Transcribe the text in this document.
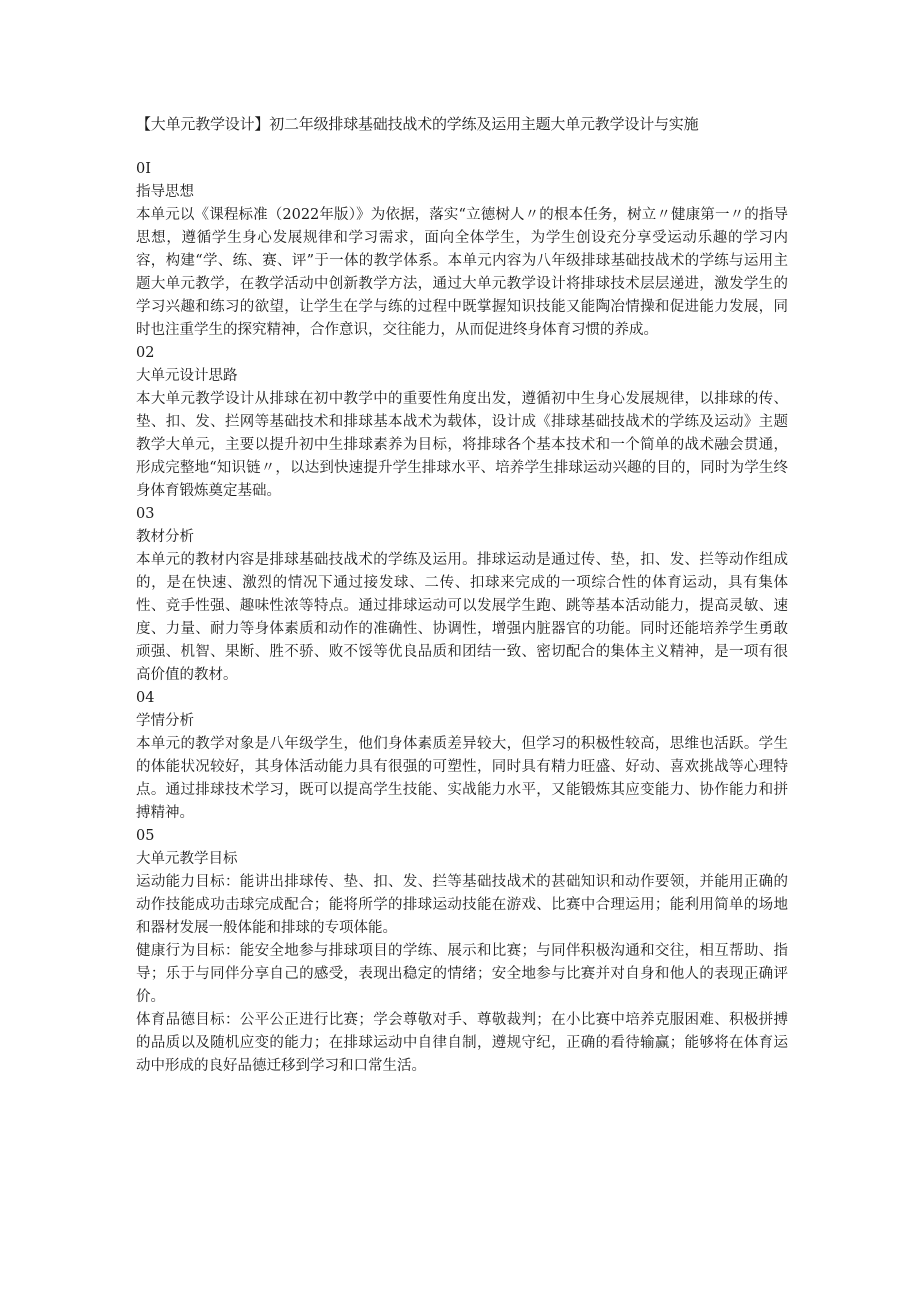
【大单元教学设计】初二年级排球基础技战术的学练及运用主题大单元教学设计与实施
0I
指导思想

本单元以《课程标准（2022年版）》为依据，落实“立德树人〃的根本任务，树立〃健康第一〃的指导思想，遵循学生身心发展规律和学习需求，面向全体学生，为学生创设充分享受运动乐趣的学习内容，构建“学、练、赛、评”于一体的教学体系。本单元内容为八年级排球基础技战术的学练与运用主题大单元教学，在教学活动中创新教学方法，通过大单元教学设计将排球技术层层递进，激发学生的学习兴趣和练习的欲望，让学生在学与练的过程中既掌握知识技能又能陶冶情操和促进能力发展，同时也注重学生的探究精神，合作意识，交往能力，从而促进终身体育习惯的养成。

02
大单元设计思路

本大单元教学设计从排球在初中教学中的重要性角度出发，遵循初中生身心发展规律，以排球的传、垫、扣、发、拦网等基础技术和排球基本战术为载体，设计成《排球基础技战术的学练及运动》主题教学大单元，主要以提升初中生排球素养为目标，将排球各个基本技术和一个简单的战术融会贯通，形成完整地“知识链〃，以达到快速提升学生排球水平、培养学生排球运动兴趣的目的，同时为学生终身体育锻炼奠定基础。

03
教材分析

本单元的教材内容是排球基础技战术的学练及运用。排球运动是通过传、垫，扣、发、拦等动作组成的，是在快速、激烈的情况下通过接发球、二传、扣球来完成的一项综合性的体育运动，具有集体性、竞手性强、趣味性浓等特点。通过排球运动可以发展学生跑、跳等基本活动能力，提高灵敏、速度、力量、耐力等身体素质和动作的准确性、协调性，增强内脏器官的功能。同时还能培养学生勇敢顽强、机智、果断、胜不骄、败不馁等优良品质和团结一致、密切配合的集体主义精神，是一项有很高价值的教材。

04
学情分析

本单元的教学对象是八年级学生，他们身体素质差异较大，但学习的积极性较高，思维也活跃。学生的体能状况较好，其身体活动能力具有很强的可塑性，同时具有精力旺盛、好动、喜欢挑战等心理特点。通过排球技术学习，既可以提高学生技能、实战能力水平，又能锻炼其应变能力、协作能力和拼搏精神。

05
大单元教学目标

运动能力目标：能讲出排球传、垫、扣、发、拦等基础技战术的甚础知识和动作要领，并能用正确的动作技能成功击球完成配合；能将所学的排球运动技能在游戏、比赛中合理运用；能利用简单的场地和器材发展一般体能和排球的专项体能。

健康行为目标：能安全地参与排球项目的学练、展示和比赛；与同伴积极沟通和交往，相互帮助、指导；乐于与同伴分享自己的感受，表现出稳定的情绪；安全地参与比赛并对自身和他人的表现正确评价。

体育品德目标：公平公正进行比赛；学会尊敬对手、尊敬裁判；在小比赛中培养克服困难、积极拼搏的品质以及随机应变的能力；在排球运动中自律自制，遵规守纪，正确的看待输赢；能够将在体育运动中形成的良好品德迁移到学习和口常生活。
